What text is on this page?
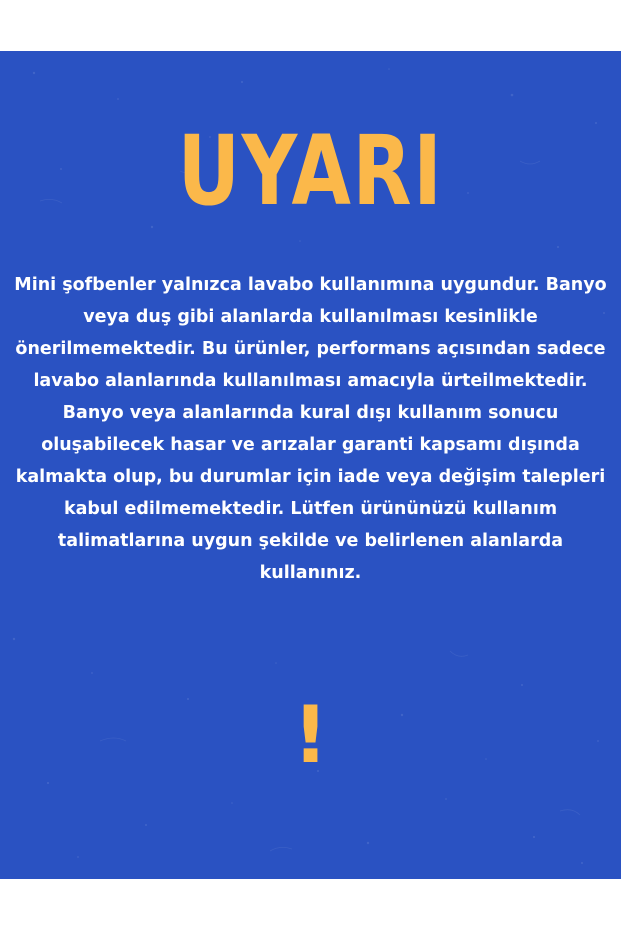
UYARI

Mini şofbenler yalnızca lavabo kullanımına uygundur. Banyo veya duş gibi alanlarda kullanılması kesinlikle önerilmemektedir. Bu ürünler, performans açısından sadece lavabo alanlarında kullanılması amacıyla ürteilmektedir.

Banyo veya alanlarında kural dışı kullanım sonucu oluşabilecek hasar ve arızalar garanti kapsamı dışında kalmakta olup, bu durumlar için iade veya değişim talepleri kabul edilmemektedir. Lütfen ürününüzü kullanım talimatlarına uygun şekilde ve belirlenen alanlarda kullanınız.

!
